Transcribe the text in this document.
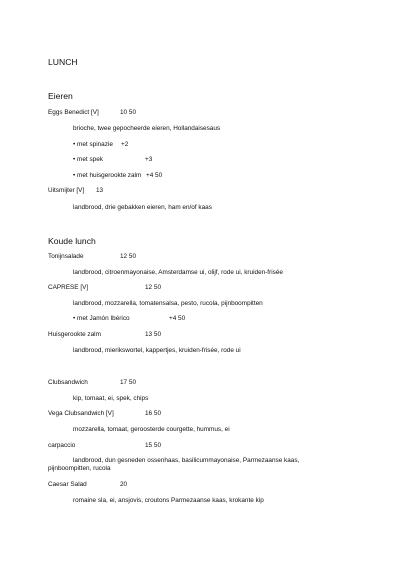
LUNCH
Eieren
Eggs Benedict [V]	10 50
brioche, twee gepocheerde eieren, Hollandaisesaus
• met spinazie +2
• met spek	+3
• met huisgerookte zalm +4 50
Uitsmijter [V] 13
landbrood, drie gebakken eieren, ham en/of kaas
Koude lunch
Tonijnsalade	12 50
landbrood, citroenmayonaise, Amsterdamse ui, olijf, rode ui, kruiden-frisée
CAPRESE [V]	12 50
landbrood, mozzarella, tomatensalsa, pesto, rucola, pijnboompitten
• met Jamón Ibérico	+4 50
Huisgerookte zalm	13 50
landbrood, mierikswortel, kappertjes, kruiden-frisée, rode ui
Clubsandwich	17 50
kip, tomaat, ei, spek, chips
Vega Clubsandwich [V]	16 50
mozzarella, tomaat, geroosterde courgette, hummus, ei
carpaccio	15 50
landbrood, dun gesneden ossenhaas, basilicummayonaise, Parmezaanse kaas, pijnboompitten, rucola
Caesar Salad	20
romaine sla, ei, ansjovis, croutons Parmezaanse kaas, krokante kip
